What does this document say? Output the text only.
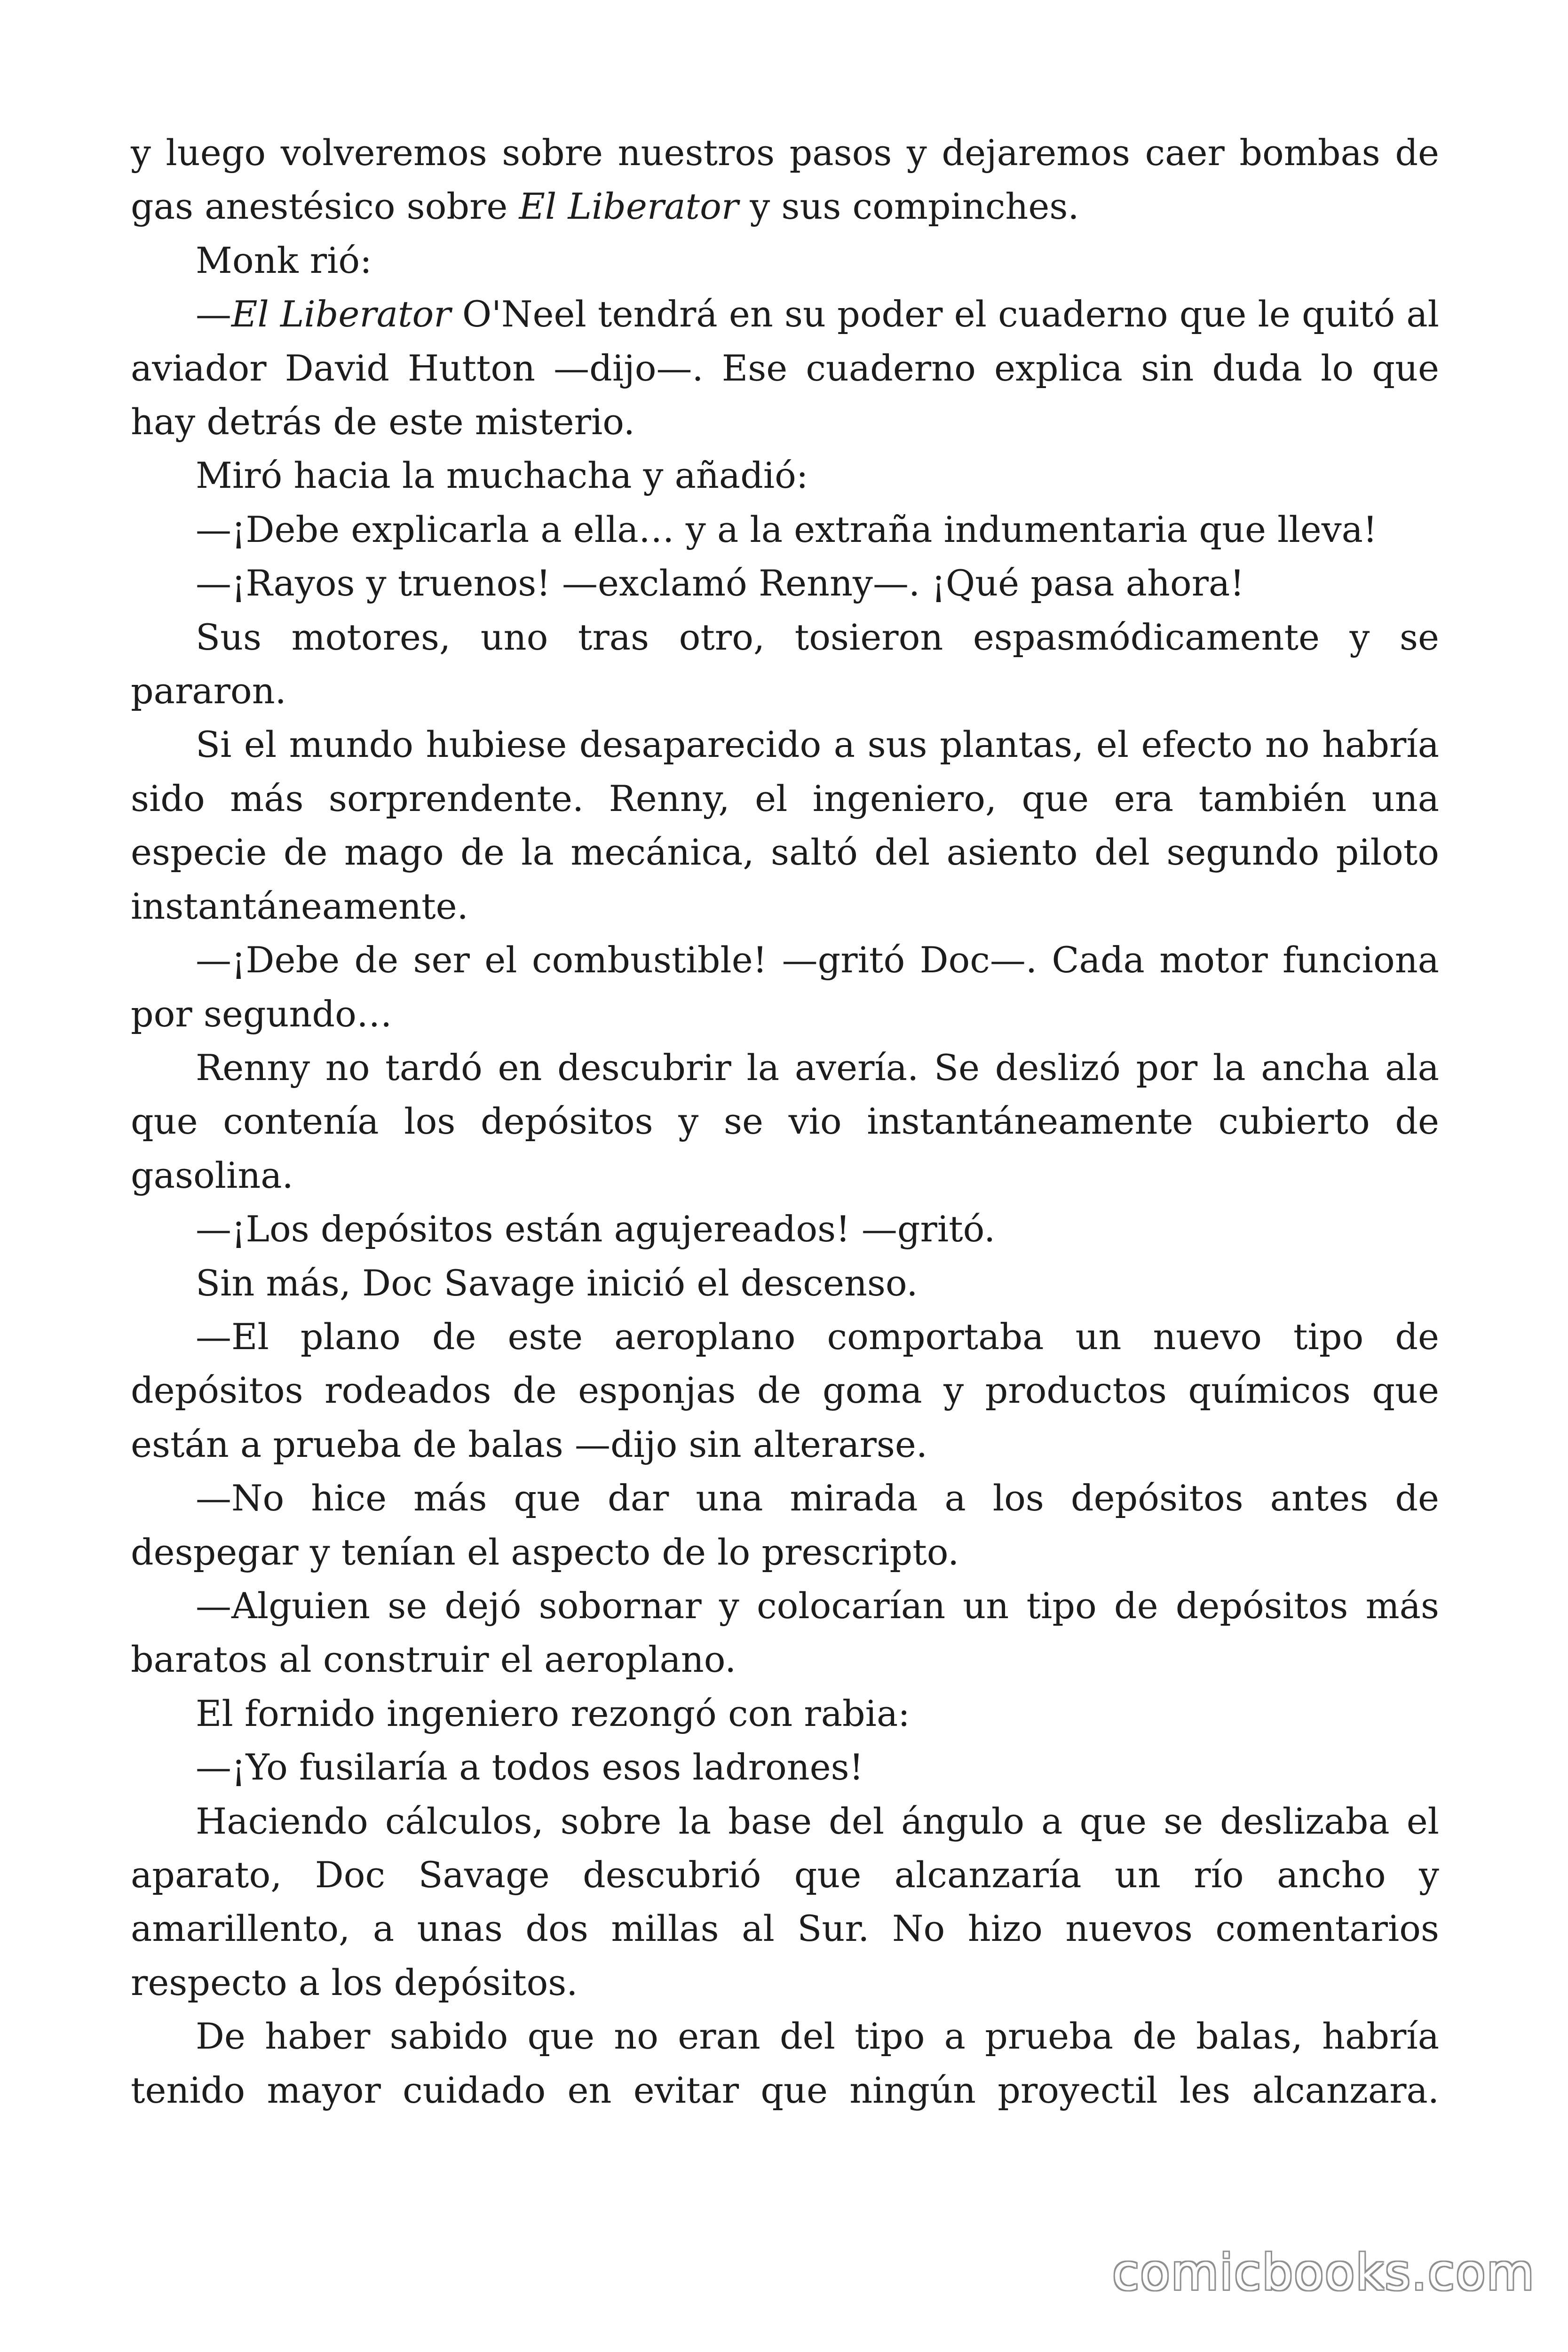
y luego volveremos sobre nuestros pasos y dejaremos caer bombas de gas anestésico sobre El Liberator y sus compinches.

Monk rió:

—El Liberator O'Neel tendrá en su poder el cuaderno que le quitó al aviador David Hutton —dijo—. Ese cuaderno explica sin duda lo que hay detrás de este misterio.

Miró hacia la muchacha y añadió:

—¡Debe explicarla a ella… y a la extraña indumentaria que lleva!

—¡Rayos y truenos! —exclamó Renny—. ¡Qué pasa ahora!

Sus motores, uno tras otro, tosieron espasmódicamente y se pararon.

Si el mundo hubiese desaparecido a sus plantas, el efecto no habría sido más sorprendente. Renny, el ingeniero, que era también una especie de mago de la mecánica, saltó del asiento del segundo piloto instantáneamente.

—¡Debe de ser el combustible! —gritó Doc—. Cada motor funciona por segundo…

Renny no tardó en descubrir la avería. Se deslizó por la ancha ala que contenía los depósitos y se vio instantáneamente cubierto de gasolina.

—¡Los depósitos están agujereados! —gritó.

Sin más, Doc Savage inició el descenso.

—El plano de este aeroplano comportaba un nuevo tipo de depósitos rodeados de esponjas de goma y productos químicos que están a prueba de balas —dijo sin alterarse.

—No hice más que dar una mirada a los depósitos antes de despegar y tenían el aspecto de lo prescripto.

—Alguien se dejó sobornar y colocarían un tipo de depósitos más baratos al construir el aeroplano.

El fornido ingeniero rezongó con rabia:

—¡Yo fusilaría a todos esos ladrones!

Haciendo cálculos, sobre la base del ángulo a que se deslizaba el aparato, Doc Savage descubrió que alcanzaría un río ancho y amarillento, a unas dos millas al Sur. No hizo nuevos comentarios respecto a los depósitos.

De haber sabido que no eran del tipo a prueba de balas, habría tenido mayor cuidado en evitar que ningún proyectil les alcanzara.

comicbooks.com
